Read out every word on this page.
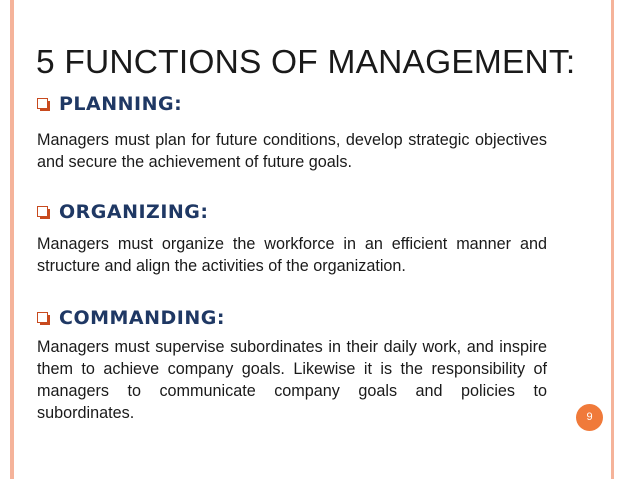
5 FUNCTIONS OF MANAGEMENT:
PLANNING:
Managers must plan for future conditions, develop strategic objectives and secure the achievement of future goals.
ORGANIZING:
Managers must organize the workforce in an efficient manner and structure and align the activities of the organization.
COMMANDING:
Managers must supervise subordinates in their daily work, and inspire them to achieve company goals. Likewise it is the responsibility of managers to communicate company goals and policies to subordinates.	9
